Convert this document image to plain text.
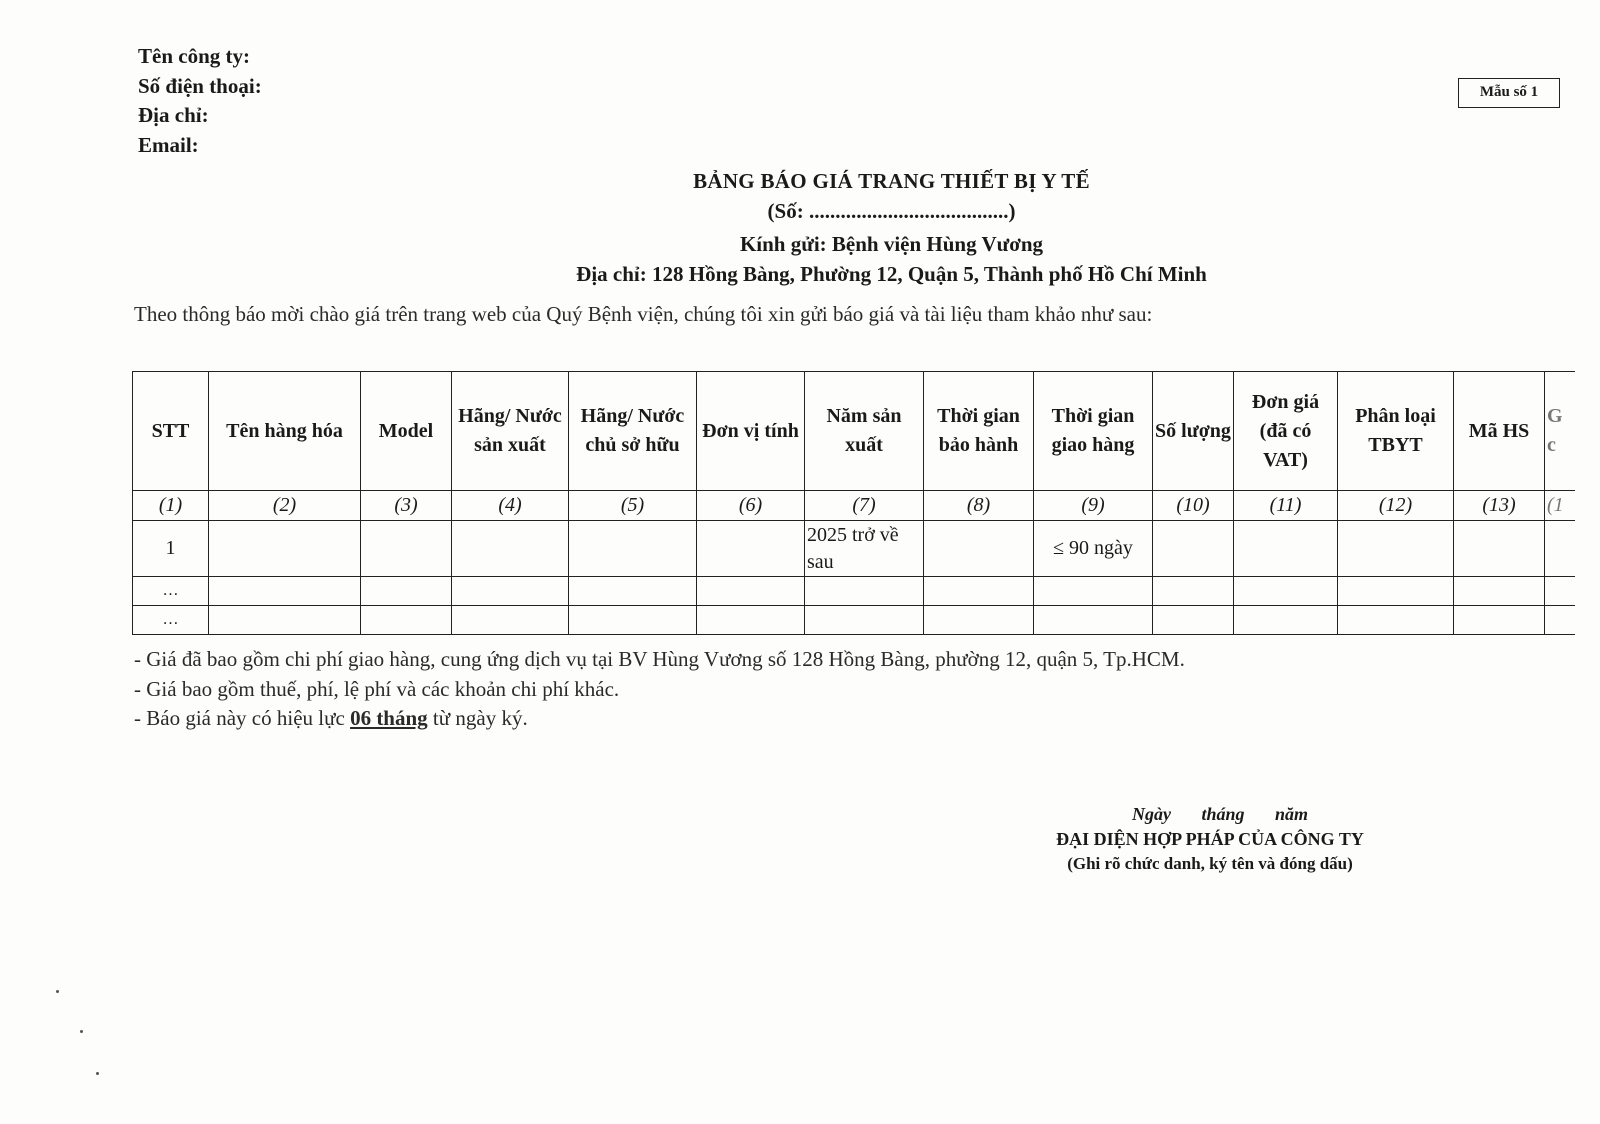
Tên công ty:
Số điện thoại:
Địa chỉ:
Email:
Mẫu số 1
BẢNG BÁO GIÁ TRANG THIẾT BỊ Y TẾ
(Số: ......................................)
Kính gửi: Bệnh viện Hùng Vương
Địa chỉ: 128 Hồng Bàng, Phường 12, Quận 5, Thành phố Hồ Chí Minh
Theo thông báo mời chào giá trên trang web của Quý Bệnh viện, chúng tôi xin gửi báo giá và tài liệu tham khảo như sau:
STT	Tên hàng hóa	Model	Hãng/ Nước sản xuất	Hãng/ Nước chủ sở hữu	Đơn vị tính	Năm sản xuất	Thời gian bảo hành	Thời gian giao hàng	Số lượng	Đơn giá (đã có VAT)	Phân loại TBYT	Mã HS	G c
(1)	(2)	(3)	(4)	(5)	(6)	(7)	(8)	(9)	(10)	(11)	(12)	(13)	(1
1						2025 trở về sau		≤ 90 ngày					
…													
…													
- Giá đã bao gồm chi phí giao hàng, cung ứng dịch vụ tại BV Hùng Vương số 128 Hồng Bàng, phường 12, quận 5, Tp.HCM.
- Giá bao gồm thuế, phí, lệ phí và các khoản chi phí khác.
- Báo giá này có hiệu lực 06 tháng từ ngày ký.
Ngày tháng năm
ĐẠI DIỆN HỢP PHÁP CỦA CÔNG TY
(Ghi rõ chức danh, ký tên và đóng dấu)
